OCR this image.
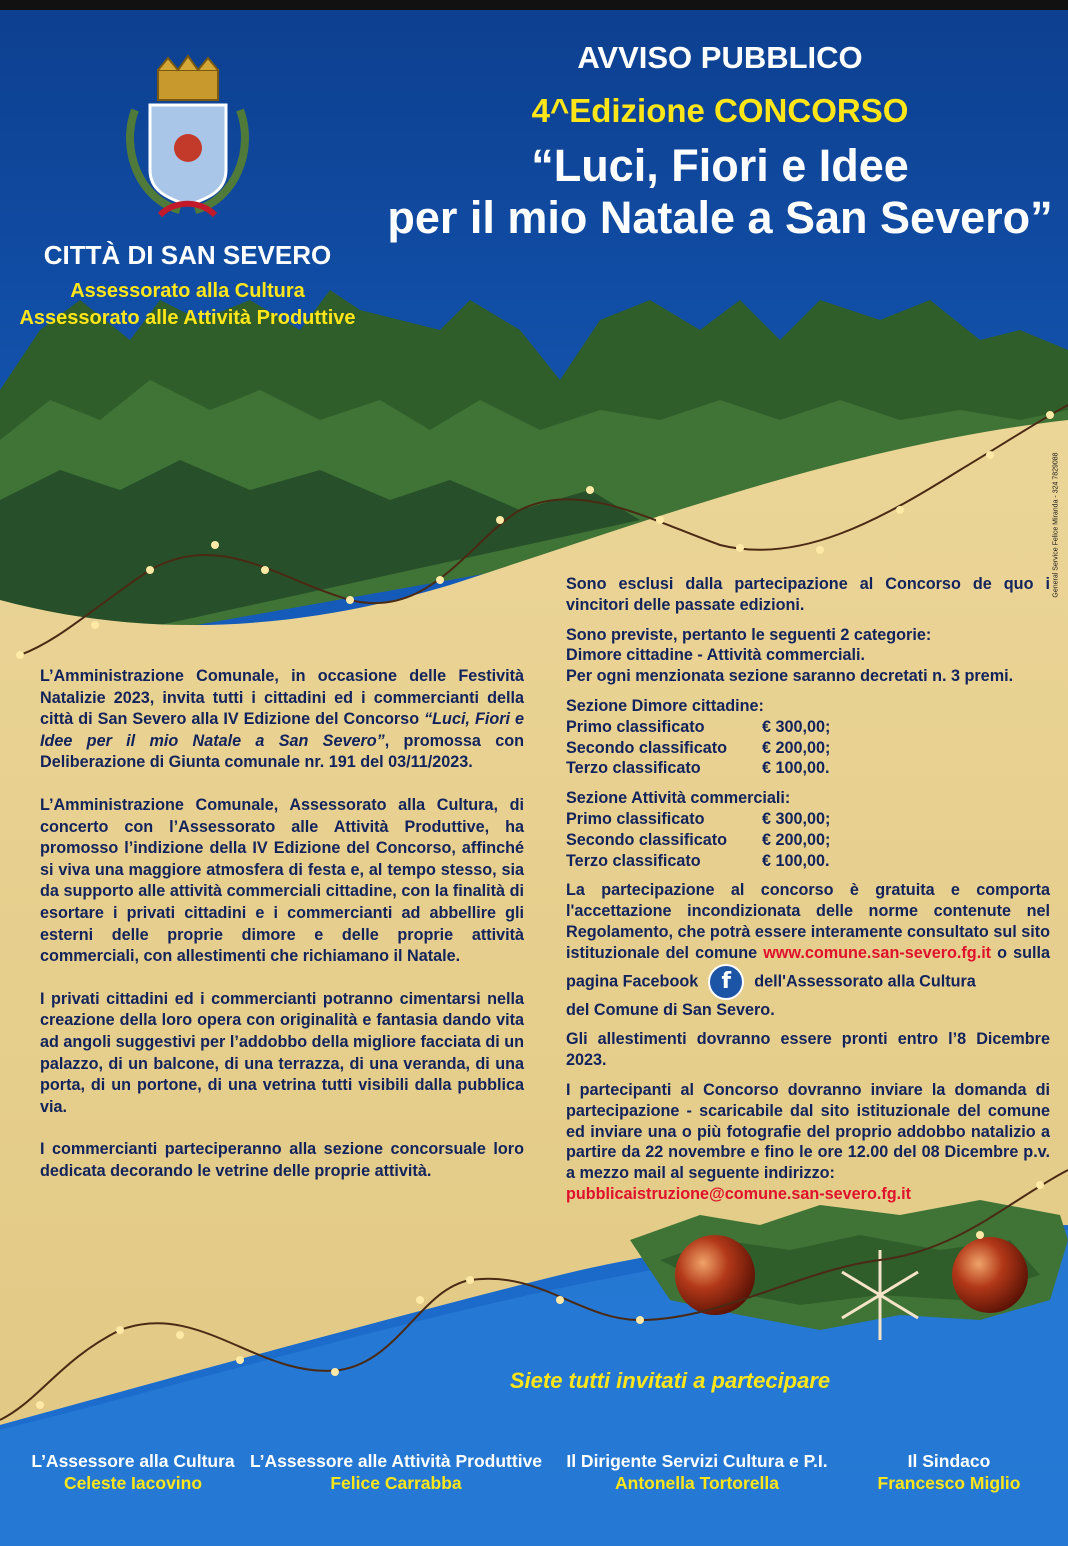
AVVISO PUBBLICO
4^Edizione CONCORSO
“Luci, Fiori e Idee
per il mio Natale a San Severo”
CITTÀ DI SAN SEVERO
Assessorato alla Cultura
Assessorato alle Attività Produttive
General Service Felice Miranda - 324 7829088

L’Amministrazione Comunale, in occasione delle Festività Natalizie 2023, invita tutti i cittadini ed i commercianti della città di San Severo alla IV Edizione del Concorso “Luci, Fiori e Idee per il mio Natale a San Severo”, promossa con Deliberazione di Giunta comunale nr. 191 del 03/11/2023.

L’Amministrazione Comunale, Assessorato alla Cultura, di concerto con l’Assessorato alle Attività Produttive, ha promosso l’indizione della IV Edizione del Concorso, affinché si viva una maggiore atmosfera di festa e, al tempo stesso, sia da supporto alle attività commerciali cittadine, con la finalità di esortare i privati cittadini e i commercianti ad abbellire gli esterni delle proprie dimore e delle proprie attività commerciali, con allestimenti che richiamano il Natale.

I privati cittadini ed i commercianti potranno cimentarsi nella creazione della loro opera con originalità e fantasia dando vita ad angoli suggestivi per l’addobbo della migliore facciata di un palazzo, di un balcone, di una terrazza, di una veranda, di una porta, di un portone, di una vetrina tutti visibili dalla pubblica via.

I commercianti parteciperanno alla sezione concorsuale loro dedicata decorando le vetrine delle proprie attività.

Sono esclusi dalla partecipazione al Concorso de quo i vincitori delle passate edizioni.

Sono previste, pertanto le seguenti 2 categorie:
Dimore cittadine - Attività commerciali.
Per ogni menzionata sezione saranno decretati n. 3 premi.
Sezione Dimore cittadine:
Primo classificato	€ 300,00;
Secondo classificato	€ 200,00;
Terzo classificato	€ 100,00.
Sezione Attività commerciali:
Primo classificato	€ 300,00;
Secondo classificato	€ 200,00;
Terzo classificato	€ 100,00.

La partecipazione al concorso è gratuita e comporta l'accettazione incondizionata delle norme contenute nel Regolamento, che potrà essere interamente consultato sul sito istituzionale del comune www.comune.san-severo.fg.it o sulla pagina Facebook f dell'Assessorato alla Cultura
del Comune di San Severo.

Gli allestimenti dovranno essere pronti entro l’8 Dicembre 2023.

I partecipanti al Concorso dovranno inviare la domanda di partecipazione - scaricabile dal sito istituzionale del comune ed inviare una o più fotografie del proprio addobbo natalizio a partire da 22 novembre e fino le ore 12.00 del 08 Dicembre p.v. a mezzo mail al seguente indirizzo:

pubblicaistruzione@comune.san-severo.fg.it
Siete tutti invitati a partecipare
L’Assessore alla Cultura
Celeste Iacovino
L’Assessore alle Attività Produttive
Felice Carrabba
Il Dirigente Servizi Cultura e P.I.
Antonella Tortorella
Il Sindaco
Francesco Miglio
